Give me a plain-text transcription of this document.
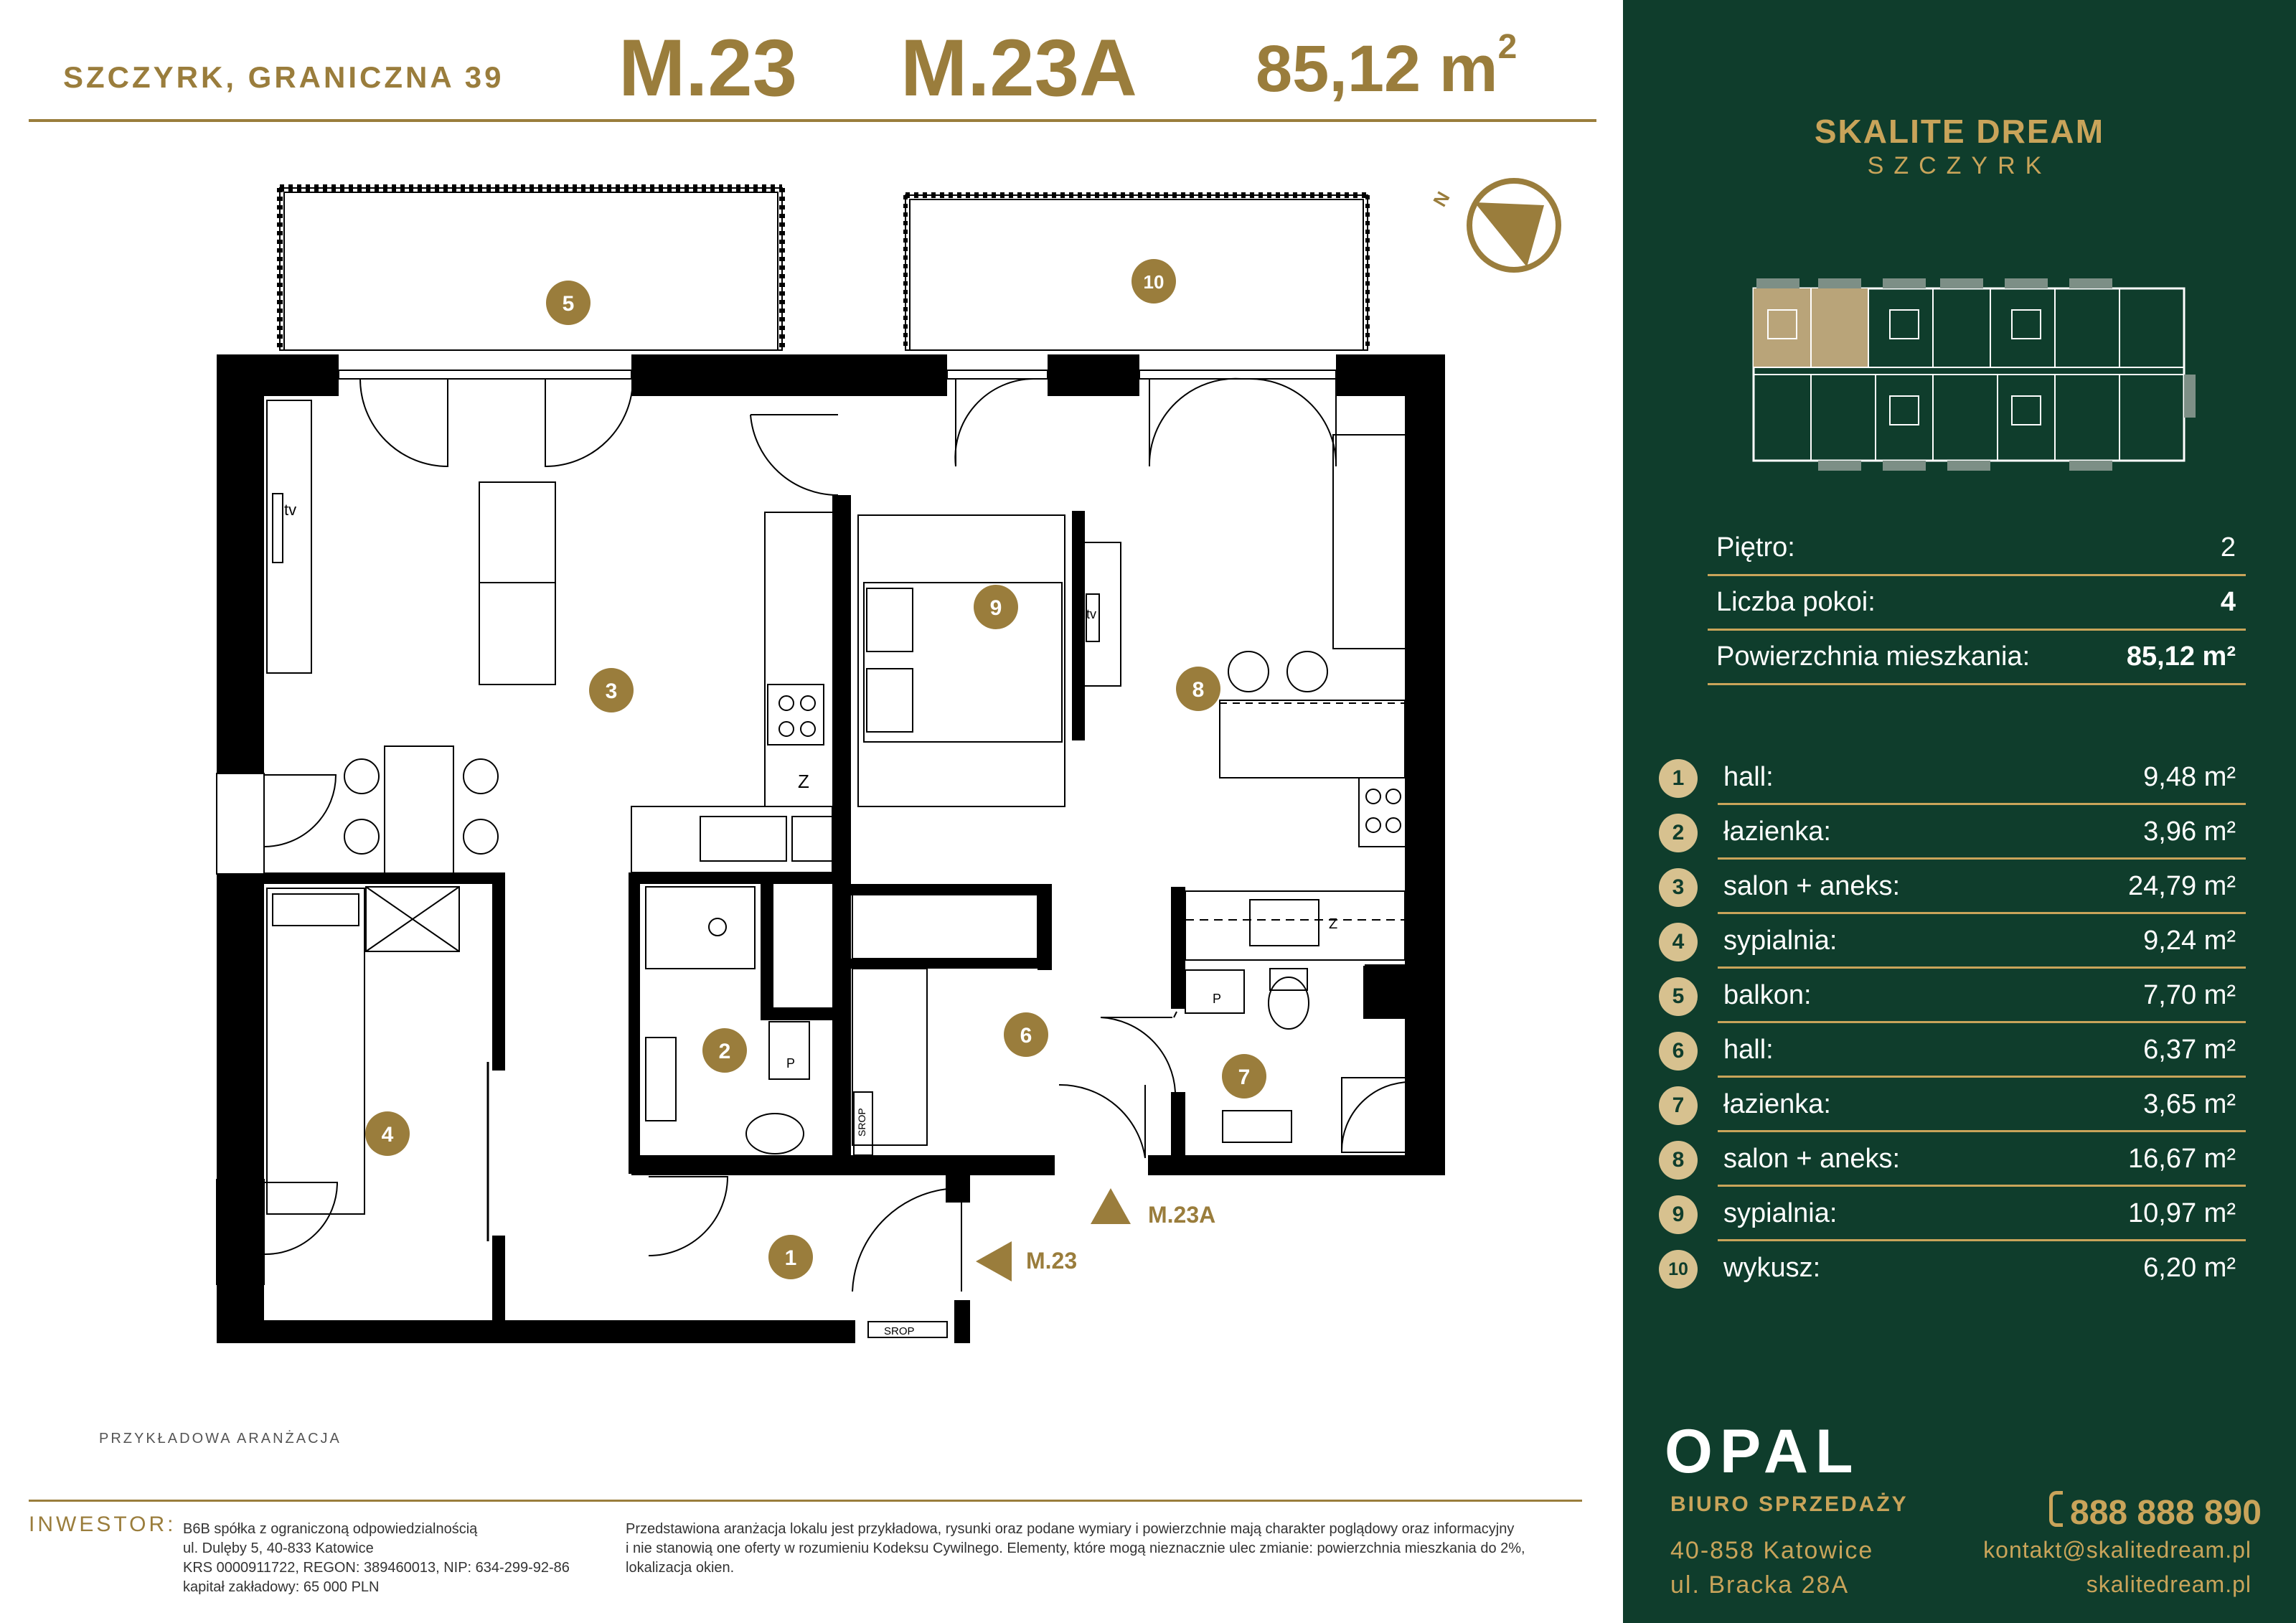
SZCZYRK, GRANICZNA 39 M.23 M.23A 85,12 $m^2$
N
tv
tv
Z
Z
P
P
SROP
SROP
M.23A
M.23
1
2
3
4
5
6
7
8
9
10
PRZYKŁADOWA ARANŻACJA
INWESTOR: B6B spółka z ograniczoną odpowiedzialnością
ul. Dulęby 5, 40-833 Katowice
KRS 0000911722, REGON: 389460013, NIP: 634-299-92-86
kapitał zakładowy: 65 000 PLN
Przedstawiona aranżacja lokalu jest przykładowa, rysunki oraz podane wymiary i powierzchnie mają charakter poglądowy oraz informacyjny
i nie stanowią one oferty w rozumieniu Kodeksu Cywilnego. Elementy, które mogą nieznacznie ulec zmianie: powierzchnia mieszkania do 2%,
lokalizacja okien.
SKALITE DREAM
SZCZYRK
Piętro:	2
Liczba pokoi:	4
Powierzchnia mieszkania:	85,12 m²
1	hall:	9,48 m²
2	łazienka:	3,96 m²
3	salon + aneks:	24,79 m²
4	sypialnia:	9,24 m²
5	balkon:	7,70 m²
6	hall:	6,37 m²
7	łazienka:	3,65 m²
8	salon + aneks:	16,67 m²
9	sypialnia:	10,97 m²
10	wykusz:	6,20 m²
OPAL
BIURO SPRZEDAŻY
40-858 Katowice
ul. Bracka 28A
888 888 890
kontakt@skalitedream.pl
skalitedream.pl
